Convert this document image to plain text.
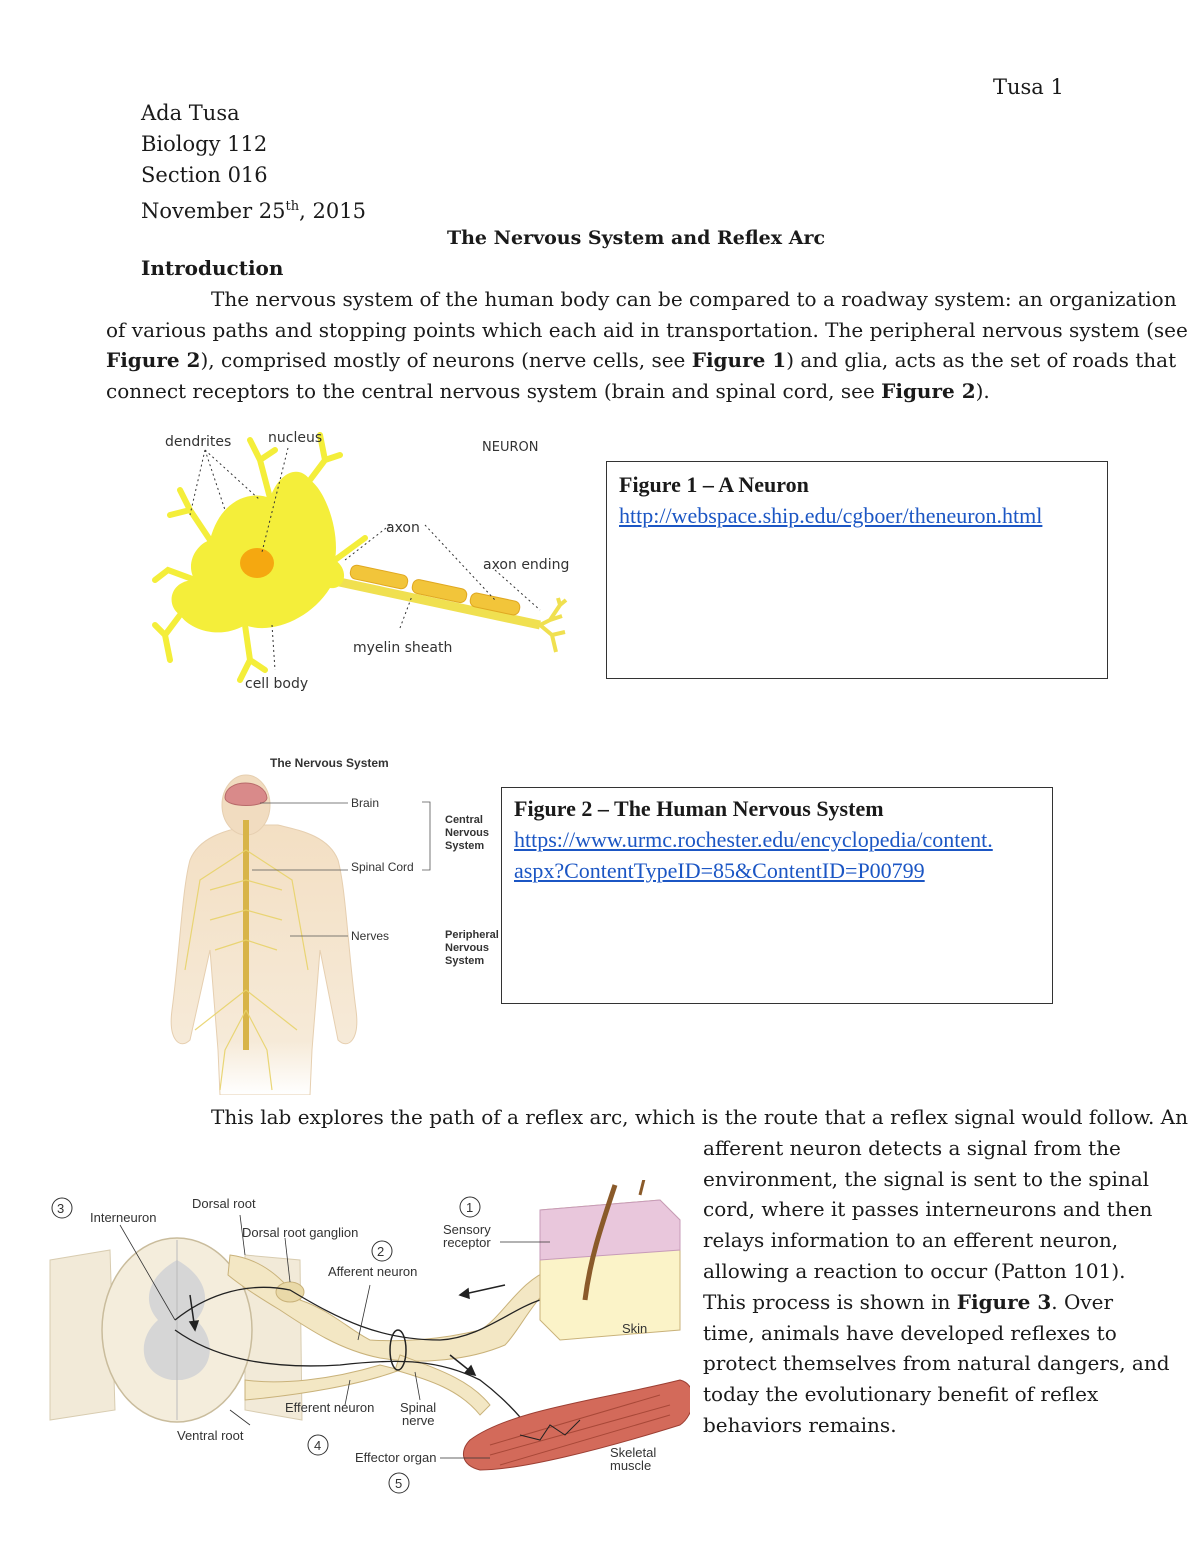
Tusa 1
Ada Tusa
Biology 112
Section 016
November 25th, 2015
The Nervous System and Reflex Arc
Introduction
The nervous system of the human body can be compared to a roadway system: an organization
of various paths and stopping points which each aid in transportation. The peripheral nervous system (see
Figure 2), comprised mostly of neurons (nerve cells, see Figure 1) and glia, acts as the set of roads that
connect receptors to the central nervous system (brain and spinal cord, see Figure 2).
dendrites	nucleus
NEURON
axon
axon ending
myelin sheath
cell body
Figure 1 – A Neuron
http://webspace.ship.edu/cgboer/theneuron.html
The Nervous System
Brain
Spinal Cord
Nerves
Central
Nervous
System
Peripheral
Nervous
System
Figure 2 – The Human Nervous System
https://www.urmc.rochester.edu/encyclopedia/content.
aspx?ContentTypeID=85&ContentID=P00799
This lab explores the path of a reflex arc, which is the route that a reflex signal would follow. An
afferent neuron detects a signal from the
environment, the signal is sent to the spinal
cord, where it passes interneurons and then
relays information to an efferent neuron,
allowing a reaction to occur (Patton 101).
This process is shown in Figure 3. Over
time, animals have developed reflexes to
protect themselves from natural dangers, and
today the evolutionary benefit of reflex
behaviors remains.
3
Interneuron
Dorsal root
Dorsal root ganglion
2
Afferent neuron
1
Sensory
receptor
Skin
Efferent neuron Spinal
nerve
Ventral root
4
Effector organ
5
Skeletal
muscle
